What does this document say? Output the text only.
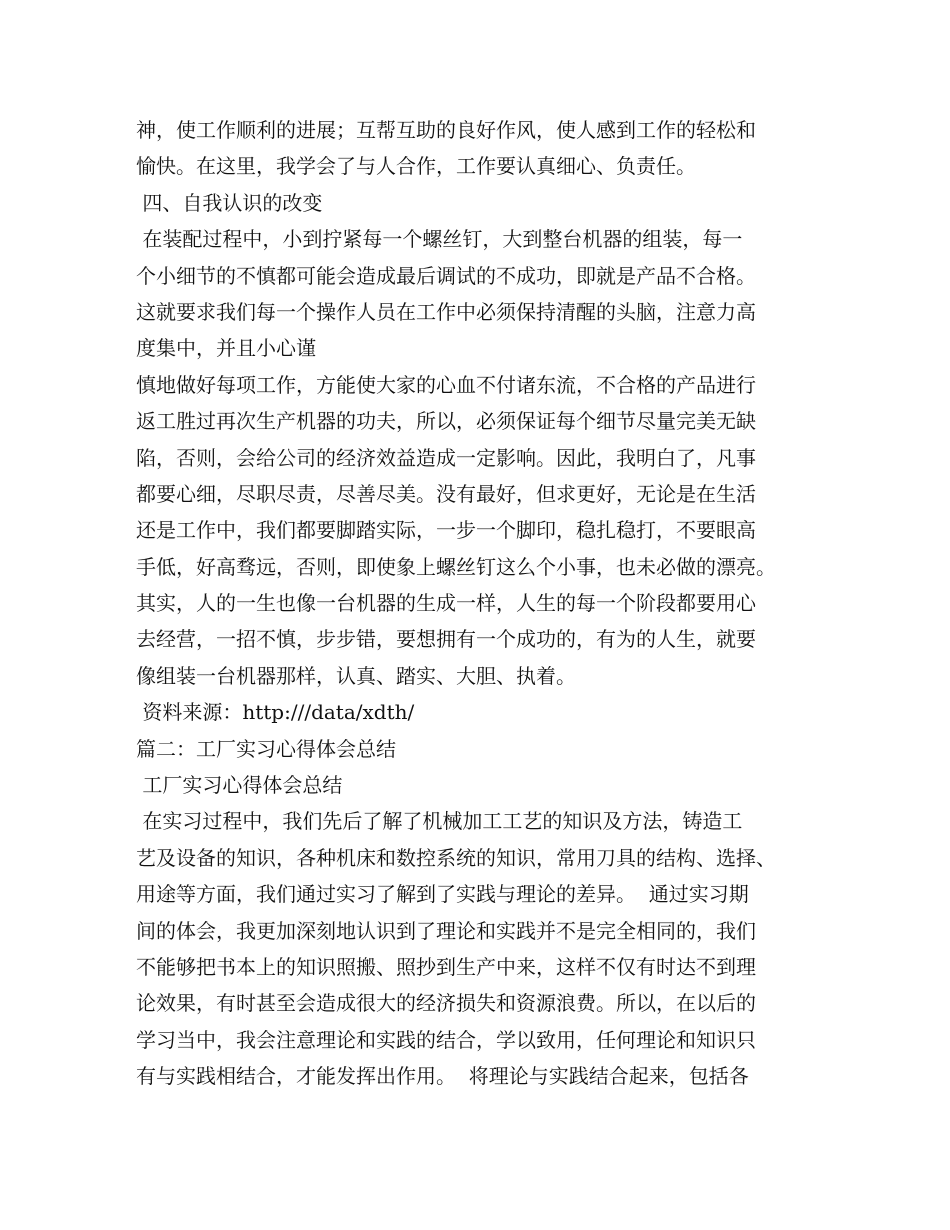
神，使工作顺利的进展；互帮互助的良好作风，使人感到工作的轻松和
愉快。在这里，我学会了与人合作，工作要认真细心、负责任。
四、自我认识的改变
在装配过程中，小到拧紧每一个螺丝钉，大到整台机器的组装，每一
个小细节的不慎都可能会造成最后调试的不成功，即就是产品不合格。
这就要求我们每一个操作人员在工作中必须保持清醒的头脑，注意力高
度集中，并且小心谨
慎地做好每项工作，方能使大家的心血不付诸东流，不合格的产品进行
返工胜过再次生产机器的功夫，所以，必须保证每个细节尽量完美无缺
陷，否则，会给公司的经济效益造成一定影响。因此，我明白了，凡事
都要心细，尽职尽责，尽善尽美。没有最好，但求更好，无论是在生活
还是工作中，我们都要脚踏实际，一步一个脚印，稳扎稳打，不要眼高
手低，好高骛远，否则，即使象上螺丝钉这么个小事，也未必做的漂亮。
其实，人的一生也像一台机器的生成一样，人生的每一个阶段都要用心
去经营，一招不慎，步步错，要想拥有一个成功的，有为的人生，就要
像组装一台机器那样，认真、踏实、大胆、执着。
资料来源：http:///data/xdth/
篇二：工厂实习心得体会总结
工厂实习心得体会总结
在实习过程中，我们先后了解了机械加工工艺的知识及方法，铸造工
艺及设备的知识，各种机床和数控系统的知识，常用刀具的结构、选择、
用途等方面，我们通过实习了解到了实践与理论的差异。  通过实习期
间的体会，我更加深刻地认识到了理论和实践并不是完全相同的，我们
不能够把书本上的知识照搬、照抄到生产中来，这样不仅有时达不到理
论效果，有时甚至会造成很大的经济损失和资源浪费。所以，在以后的
学习当中，我会注意理论和实践的结合，学以致用，任何理论和知识只
有与实践相结合，才能发挥出作用。  将理论与实践结合起来，包括各
